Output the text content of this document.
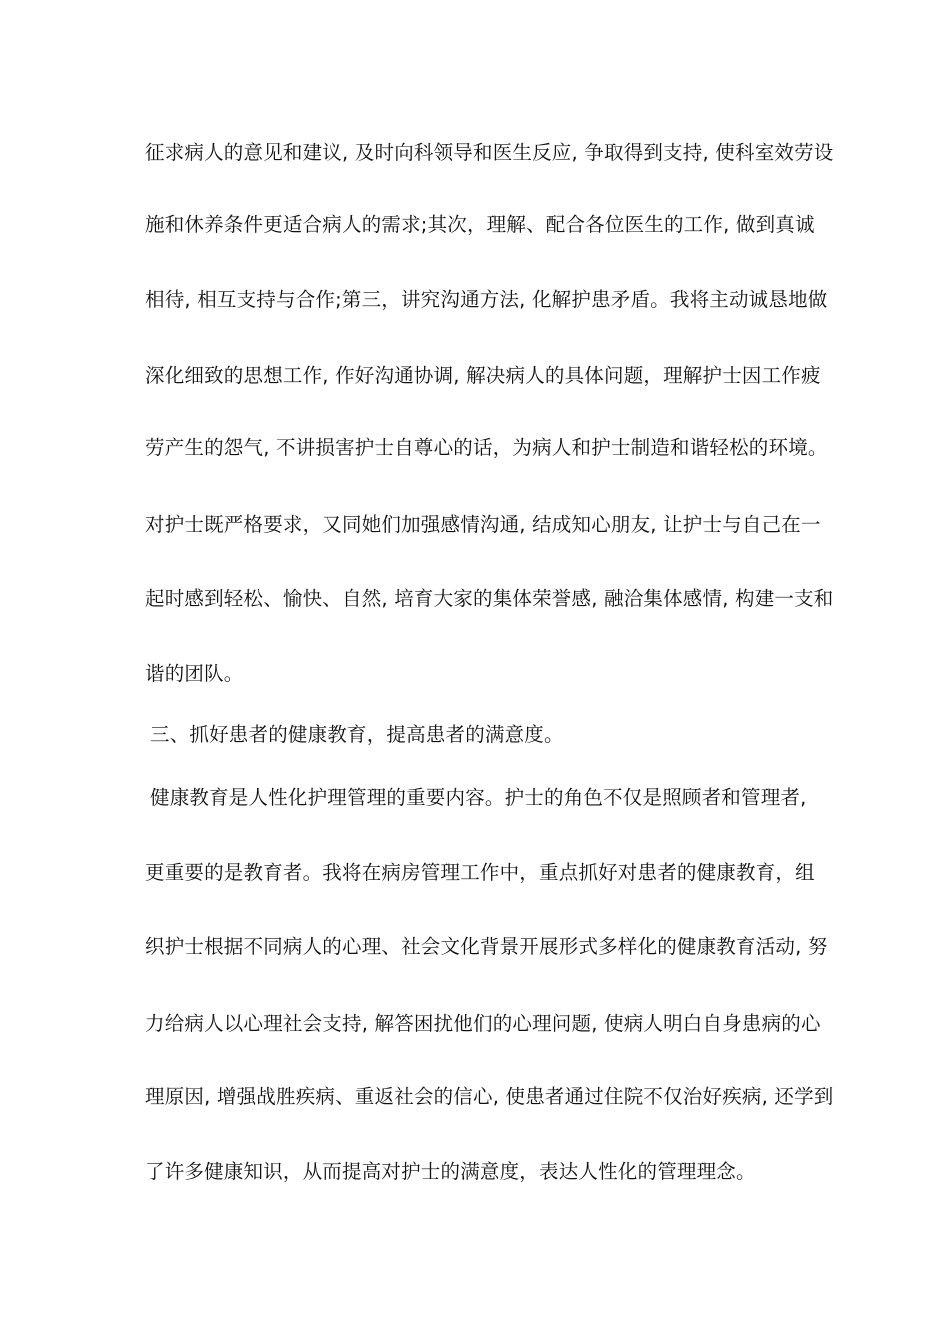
征求病人的意见和建议, 及时向科领导和医生反应, 争取得到支持, 使科室效劳设
施和休养条件更适合病人的需求;其次，理解、配合各位医生的工作, 做到真诚
相待, 相互支持与合作;第三，讲究沟通方法, 化解护患矛盾。我将主动诚恳地做
深化细致的思想工作, 作好沟通协调, 解决病人的具体问题，理解护士因工作疲
劳产生的怨气, 不讲损害护士自尊心的话，为病人和护士制造和谐轻松的环境。
对护士既严格要求，又同她们加强感情沟通, 结成知心朋友, 让护士与自己在一
起时感到轻松、愉快、自然, 培育大家的集体荣誉感, 融洽集体感情, 构建一支和
谐的团队。
三、抓好患者的健康教育，提高患者的满意度。
健康教育是人性化护理管理的重要内容。护士的角色不仅是照顾者和管理者,
更重要的是教育者。我将在病房管理工作中，重点抓好对患者的健康教育，组
织护士根据不同病人的心理、社会文化背景开展形式多样化的健康教育活动, 努
力给病人以心理社会支持, 解答困扰他们的心理问题, 使病人明白自身患病的心
理原因, 增强战胜疾病、重返社会的信心, 使患者通过住院不仅治好疾病, 还学到
了许多健康知识，从而提高对护士的满意度，表达人性化的管理理念。
